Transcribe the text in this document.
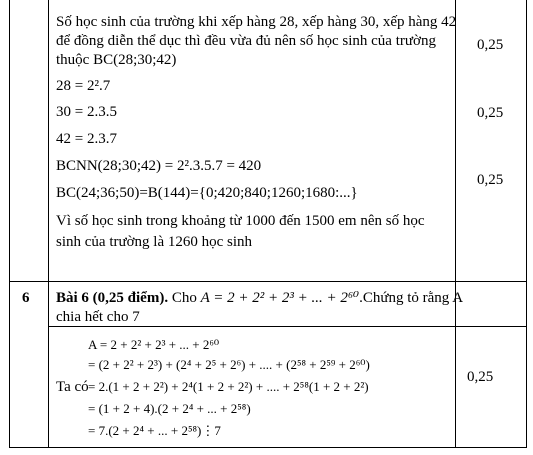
Số học sinh của trường khi xếp hàng 28, xếp hàng 30, xếp hàng 42
để đồng diễn thể dục thì đều vừa đủ nên số học sinh của trường
thuộc BC(28;30;42)
28 = 2².7
30 = 2.3.5
42 = 2.3.7
BCNN(28;30;42) = 2².3.5.7 = 420
BC(24;36;50)=B(144)={0;420;840;1260;1680:...}
Vì số học sinh trong khoảng từ 1000 đến 1500 em nên số học
sinh của trường là 1260 học sinh
0,25
0,25
0,25
6 Bài 6 (0,25 điểm). Cho A = 2 + 2² + 2³ + ... + 2⁶⁰.Chứng tỏ rằng A
chia hết cho 7
A = 2 + 2² + 2³ + ... + 2⁶⁰
= (2 + 2² + 2³) + (2⁴ + 2⁵ + 2⁶) + .... + (2⁵⁸ + 2⁵⁹ + 2⁶⁰)
Ta có = 2.(1 + 2 + 2²) + 2⁴(1 + 2 + 2²) + .... + 2⁵⁸(1 + 2 + 2²)
= (1 + 2 + 4).(2 + 2⁴ + ... + 2⁵⁸)
= 7.(2 + 2⁴ + ... + 2⁵⁸)⋮7
0,25
